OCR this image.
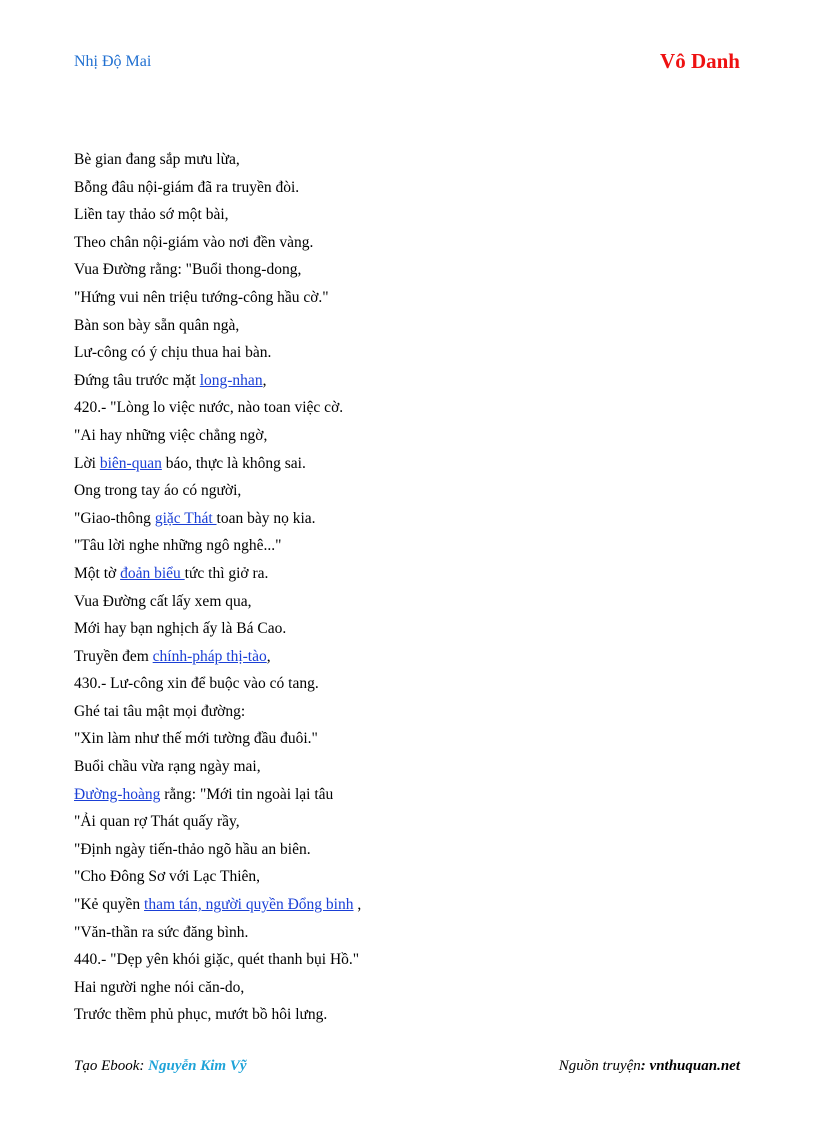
Nhị Độ Mai	Vô Danh
Bè gian đang sắp mưu lừa,
Bỗng đâu nội-giám đã ra truyền đòi.
Liền tay thảo sớ một bài,
Theo chân nội-giám vào nơi đền vàng.
Vua Đường rằng: "Buổi thong-dong,
"Hứng vui nên triệu tướng-công hầu cờ."
Bàn son bày sẵn quân ngà,
Lư-công có ý chịu thua hai bàn.
Đứng tâu trước mặt long-nhan,
420.- "Lòng lo việc nước, nào toan việc cờ.
"Ai hay những việc chẳng ngờ,
Lời biên-quan báo, thực là không sai.
Ong trong tay áo có người,
"Giao-thông giặc Thát toan bày nọ kia.
"Tâu lời nghe những ngô nghê..."
Một tờ đoản biểu tức thì giở ra.
Vua Đường cất lấy xem qua,
Mới hay bạn nghịch ấy là Bá Cao.
Truyền đem chính-pháp thị-tào,
430.- Lư-công xin để buộc vào có tang.
Ghé tai tâu mật mọi đường:
"Xin làm như thế mới tường đầu đuôi."
Buổi chầu vừa rạng ngày mai,
Đường-hoàng rằng: "Mới tin ngoài lại tâu
"Ải quan rợ Thát quấy rầy,
"Định ngày tiến-thảo ngõ hầu an biên.
"Cho Đông Sơ với Lạc Thiên,
"Kẻ quyền tham tán, người quyền Đổng binh ,
"Văn-thần ra sức đăng bình.
440.- "Dẹp yên khói giặc, quét thanh bụi Hồ."
Hai người nghe nói căn-do,
Trước thềm phủ phục, mướt bồ hôi lưng.
Tạo Ebook: Nguyễn Kim Vỹ	Nguồn truyện: vnthuquan.net
